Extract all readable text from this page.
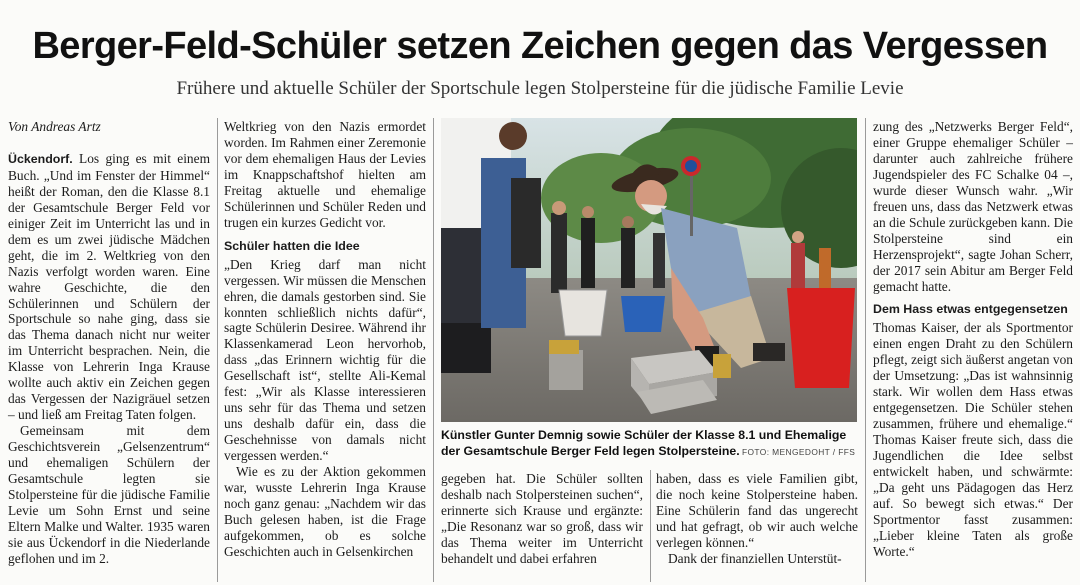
Berger-Feld-Schüler setzen Zeichen gegen das Vergessen
Frühere und aktuelle Schüler der Sportschule legen Stolpersteine für die jüdische Familie Levie
Von Andreas Artz

Ückendorf. Los ging es mit einem Buch. „Und im Fenster der Himmel“ heißt der Roman, den die Klasse 8.1 der Gesamtschule Berger Feld vor einiger Zeit im Unterricht las und in dem es um zwei jüdische Mädchen geht, die im 2. Weltkrieg von den Nazis verfolgt worden waren. Eine wahre Geschichte, die den Schülerinnen und Schülern der Sportschule so nahe ging, dass sie das Thema danach nicht nur weiter im Unterricht besprachen. Nein, die Klasse von Lehrerin Inga Krause wollte auch aktiv ein Zeichen gegen das Vergessen der Nazigräuel setzen – und ließ am Freitag Taten folgen.

Gemeinsam mit dem Geschichtsverein „Gelsenzentrum“ und ehemaligen Schülern der Gesamtschule legten sie Stolpersteine für die jüdische Familie Levie um Sohn Ernst und seine Eltern Malke und Walter. 1935 waren sie aus Ückendorf in die Niederlande geflohen und im 2.

Weltkrieg von den Nazis ermordet worden. Im Rahmen einer Zeremonie vor dem ehemaligen Haus der Levies im Knappschaftshof hielten am Freitag aktuelle und ehemalige Schülerinnen und Schüler Reden und trugen ein kurzes Gedicht vor.

Schüler hatten die Idee

„Den Krieg darf man nicht vergessen. Wir müssen die Menschen ehren, die damals gestorben sind. Sie konnten schließlich nichts dafür“, sagte Schülerin Desiree. Während ihr Klassenkamerad Leon hervorhob, dass „das Erinnern wichtig für die Gesellschaft ist“, stellte Ali-Kemal fest: „Wir als Klasse interessieren uns sehr für das Thema und setzen uns deshalb dafür ein, dass die Geschehnisse von damals nicht vergessen werden.“

Wie es zu der Aktion gekommen war, wusste Lehrerin Inga Krause noch ganz genau: „Nachdem wir das Buch gelesen haben, ist die Frage aufgekommen, ob es solche Geschichten auch in Gelsenkirchen

Künstler Gunter Demnig sowie Schüler der Klasse 8.1 und Ehemalige der Gesamtschule Berger Feld legen Stolpersteine. FOTO: MENGEDOHT / FFS

gegeben hat. Die Schüler sollten deshalb nach Stolpersteinen suchen“, erinnerte sich Krause und ergänzte: „Die Resonanz war so groß, dass wir das Thema weiter im Unterricht behandelt und dabei erfahren

haben, dass es viele Familien gibt, die noch keine Stolpersteine haben. Eine Schülerin fand das ungerecht und hat gefragt, ob wir auch welche verlegen können.“

Dank der finanziellen Unterstüt-

zung des „Netzwerks Berger Feld“, einer Gruppe ehemaliger Schüler – darunter auch zahlreiche frühere Jugendspieler des FC Schalke 04 –, wurde dieser Wunsch wahr. „Wir freuen uns, dass das Netzwerk etwas an die Schule zurückgeben kann. Die Stolpersteine sind ein Herzensprojekt“, sagte Johan Scherr, der 2017 sein Abitur am Berger Feld gemacht hatte.

Dem Hass etwas entgegensetzen

Thomas Kaiser, der als Sportmentor einen engen Draht zu den Schülern pflegt, zeigt sich äußerst angetan von der Umsetzung: „Das ist wahnsinnig stark. Wir wollen dem Hass etwas entgegensetzen. Die Schüler stehen zusammen, frühere und ehemalige.“ Thomas Kaiser freute sich, dass die Jugendlichen die Idee selbst entwickelt haben, und schwärmte: „Da geht uns Pädagogen das Herz auf. So bewegt sich etwas.“ Der Sportmentor fasst zusammen: „Lieber kleine Taten als große Worte.“
